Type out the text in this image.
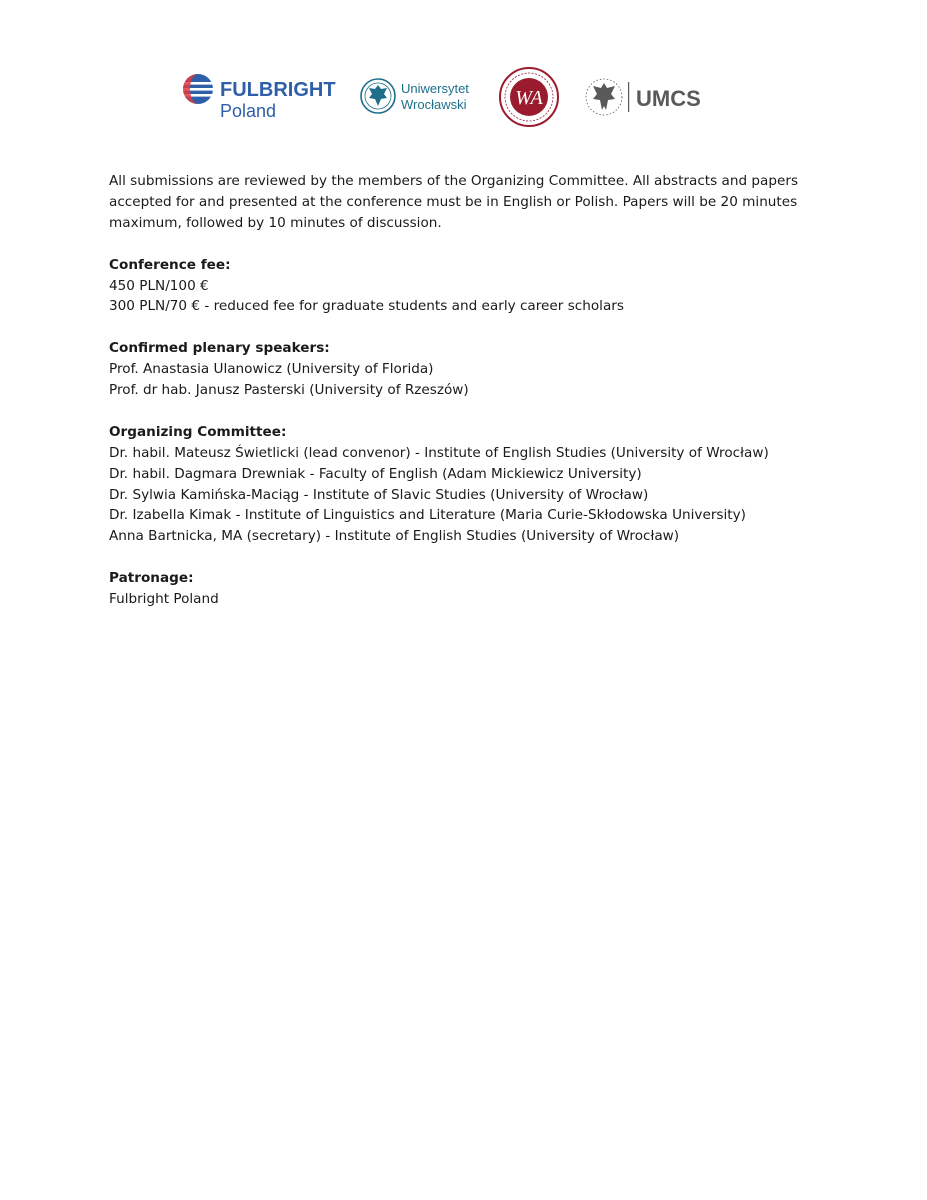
FULBRIGHT
Poland
Uniwersytet
Wrocławski WA	UMCS

All submissions are reviewed by the members of the Organizing Committee. All abstracts and papers accepted for and presented at the conference must be in English or Polish. Papers will be 20 minutes maximum, followed by 10 minutes of discussion.

Conference fee:

450 PLN/100 €

300 PLN/70 € - reduced fee for graduate students and early career scholars

Confirmed plenary speakers:

Prof. Anastasia Ulanowicz (University of Florida)

Prof. dr hab. Janusz Pasterski (University of Rzeszów)

Organizing Committee:

Dr. habil. Mateusz Świetlicki (lead convenor) - Institute of English Studies (University of Wrocław)

Dr. habil. Dagmara Drewniak - Faculty of English (Adam Mickiewicz University)

Dr. Sylwia Kamińska-Maciąg - Institute of Slavic Studies (University of Wrocław)

Dr. Izabella Kimak - Institute of Linguistics and Literature (Maria Curie-Skłodowska University)

Anna Bartnicka, MA (secretary) - Institute of English Studies (University of Wrocław)

Patronage:

Fulbright Poland
